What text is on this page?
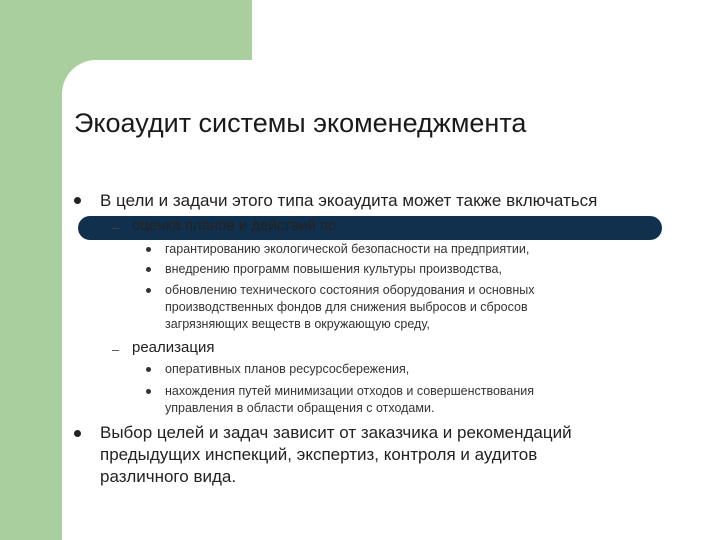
Экоаудит системы экоменеджмента

В цели и задачи этого типа экоаудита может также включаться

– оценка планов и действий по

гарантированию экологической безопасности на предприятии,

внедрению программ повышения культуры производства,

обновлению технического состояния оборудования и основных

производственных фондов для снижения выбросов и сбросов

загрязняющих веществ в окружающую среду,

– реализация

оперативных планов ресурсосбережения,

нахождения путей минимизации отходов и совершенствования

управления в области обращения с отходами.

Выбор целей и задач зависит от заказчика и рекомендаций

предыдущих инспекций, экспертиз, контроля и аудитов

различного вида.
